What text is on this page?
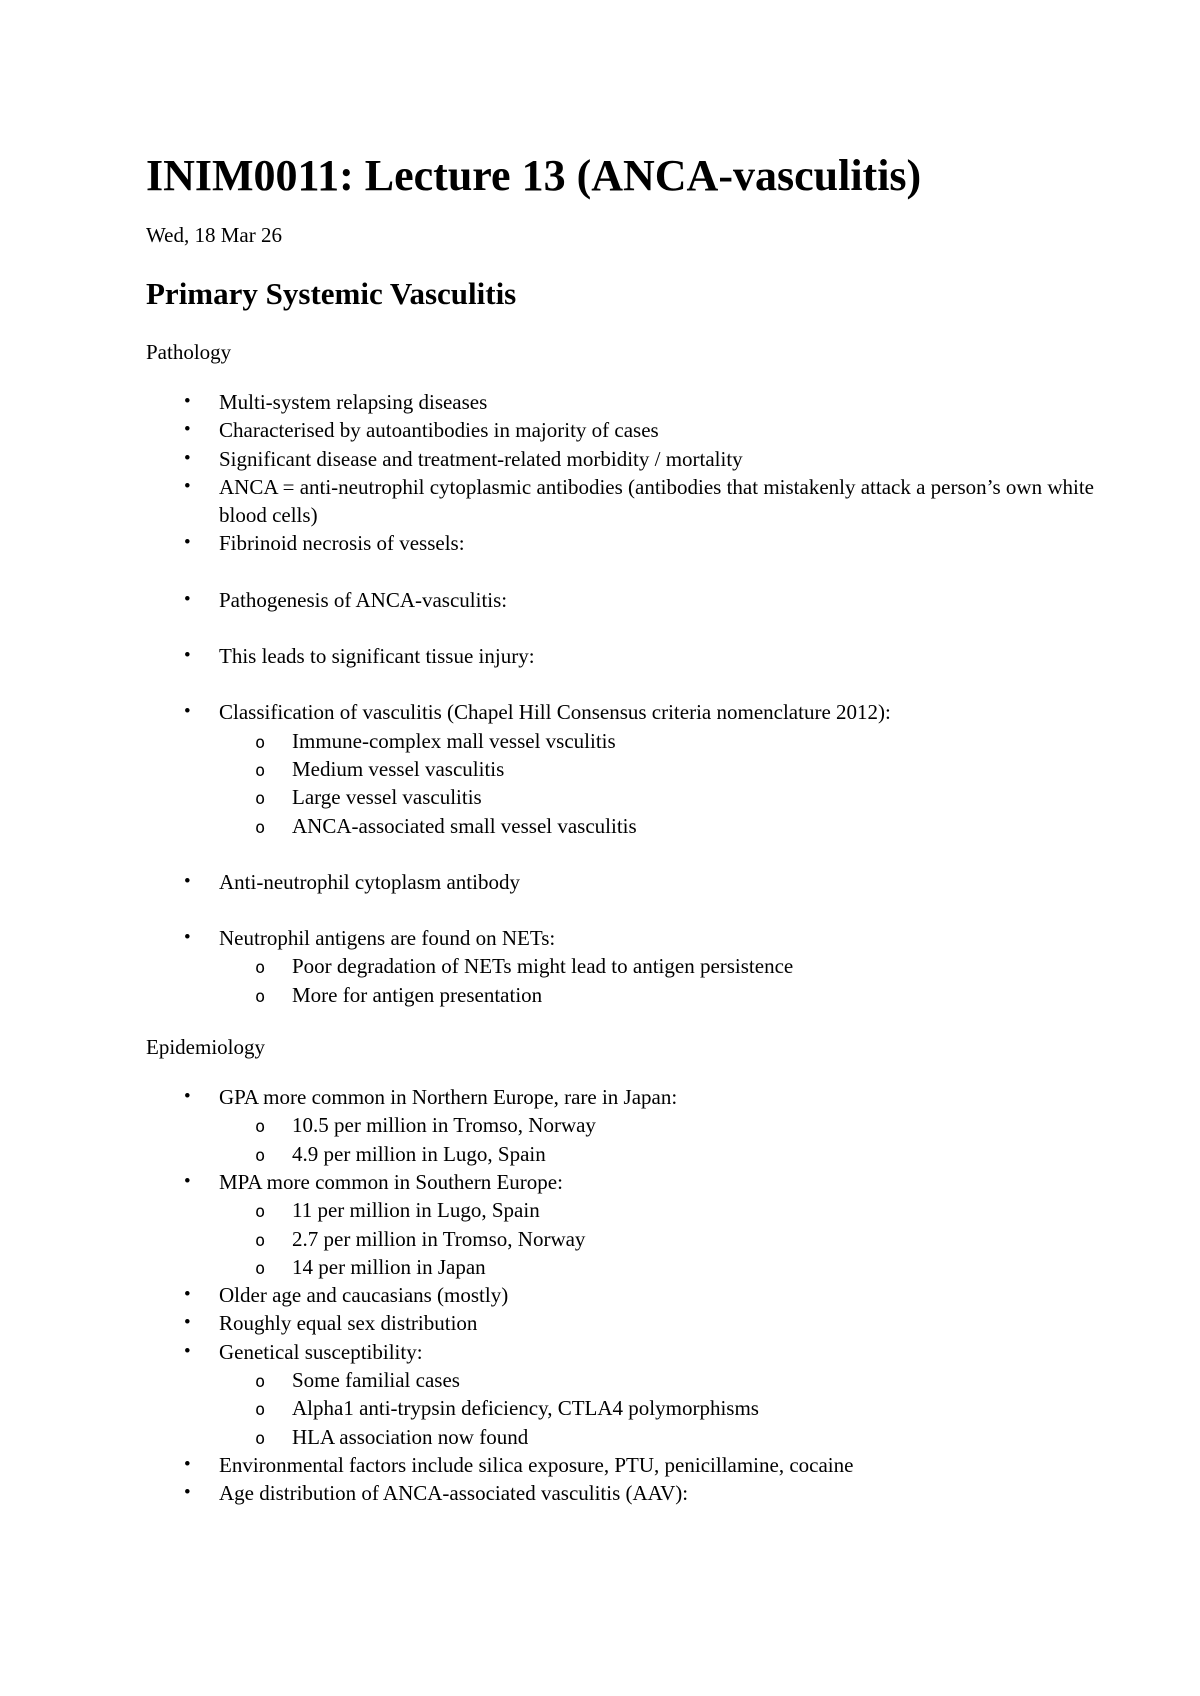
INIM0011: Lecture 13 (ANCA-vasculitis)

Wed, 18 Mar 26

Primary Systemic Vasculitis

Pathology

• Multi-system relapsing diseases
• Characterised by autoantibodies in majority of cases
• Significant disease and treatment-related morbidity / mortality
• ANCA = anti-neutrophil cytoplasmic antibodies (antibodies that mistakenly attack a person’s own white blood cells)
• Fibrinoid necrosis of vessels:
• Pathogenesis of ANCA-vasculitis:
• This leads to significant tissue injury:
• Classification of vasculitis (Chapel Hill Consensus criteria nomenclature 2012):
o Immune-complex mall vessel vsculitis
o Medium vessel vasculitis
o Large vessel vasculitis
o ANCA-associated small vessel vasculitis
• Anti-neutrophil cytoplasm antibody
• Neutrophil antigens are found on NETs:
o Poor degradation of NETs might lead to antigen persistence
o More for antigen presentation

Epidemiology

• GPA more common in Northern Europe, rare in Japan:
o 10.5 per million in Tromso, Norway
o 4.9 per million in Lugo, Spain
• MPA more common in Southern Europe:
o 11 per million in Lugo, Spain
o 2.7 per million in Tromso, Norway
o 14 per million in Japan
• Older age and caucasians (mostly)
• Roughly equal sex distribution
• Genetical susceptibility:
o Some familial cases
o Alpha1 anti-trypsin deficiency, CTLA4 polymorphisms
o HLA association now found
• Environmental factors include silica exposure, PTU, penicillamine, cocaine
• Age distribution of ANCA-associated vasculitis (AAV):
